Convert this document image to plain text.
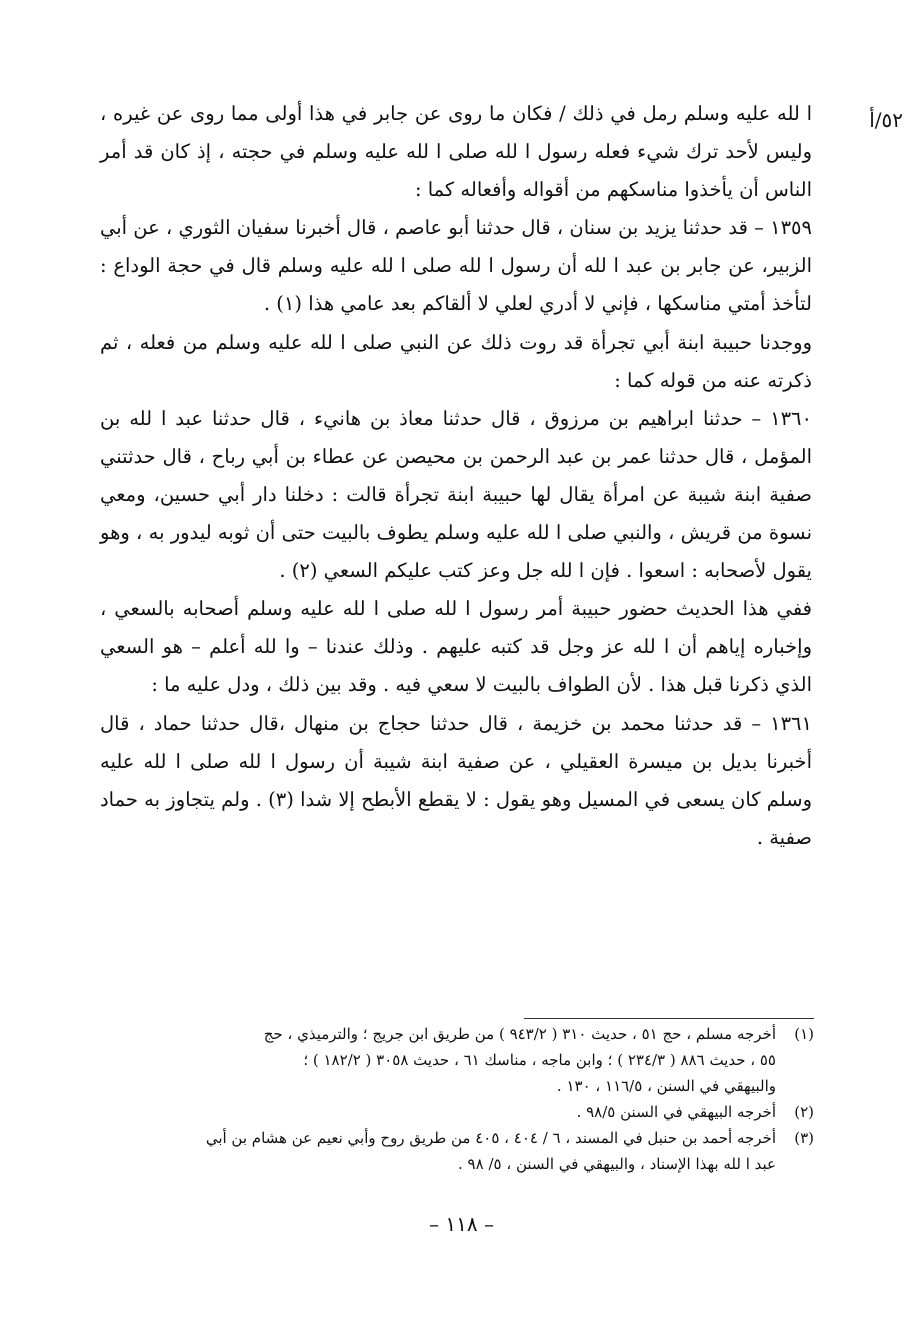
٥٢/أ

ا لله عليه وسلم رمل في ذلك / فكان ما روى عن جابر في هذا أولى مما روى عن غيره ، وليس لأحد ترك شيء فعله رسول ا لله صلى ا لله عليه وسلم في حجته ، إذ كان قد أمر الناس أن يأخذوا مناسكهم من أقواله وأفعاله كما :

١٣٥٩ – قد حدثنا يزيد بن سنان ، قال حدثنا أبو عاصم ، قال أخبرنا سفيان الثوري ، عن أبي الزبير، عن جابر بن عبد ا لله أن رسول ا لله صلى ا لله عليه وسلم قال في حجة الوداع : لتأخذ أمتي مناسكها ، فإني لا أدري لعلي لا ألقاكم بعد عامي هذا (١) .

ووجدنا حبيبة ابنة أبي تجرأة قد روت ذلك عن النبي صلى ا لله عليه وسلم من فعله ، ثم ذكرته عنه من قوله كما :

١٣٦٠ – حدثنا ابراهيم بن مرزوق ، قال حدثنا معاذ بن هانيء ، قال حدثنا عبد ا لله بن المؤمل ، قال حدثنا عمر بن عبد الرحمن بن محيصن عن عطاء بن أبي رباح ، قال حدثتني صفية ابنة شيبة عن امرأة يقال لها حبيبة ابنة تجرأة قالت : دخلنا دار أبي حسين، ومعي نسوة من قريش ، والنبي صلى ا لله عليه وسلم يطوف بالبيت حتى أن ثوبه ليدور به ، وهو يقول لأصحابه : اسعوا . فإن ا لله جل وعز كتب عليكم السعي (٢) .

ففي هذا الحديث حضور حبيبة أمر رسول ا لله صلى ا لله عليه وسلم أصحابه بالسعي ، وإخباره إياهم أن ا لله عز وجل قد كتبه عليهم . وذلك عندنا – وا لله أعلم – هو السعي الذي ذكرنا قبل هذا . لأن الطواف بالبيت لا سعي فيه . وقد بين ذلك ، ودل عليه ما :

١٣٦١ – قد حدثنا محمد بن خزيمة ، قال حدثنا حجاج بن منهال ،قال حدثنا حماد ، قال أخبرنا بديل بن ميسرة العقيلي ، عن صفية ابنة شيبة أن رسول ا لله صلى ا لله عليه وسلم كان يسعى في المسيل وهو يقول : لا يقطع الأبطح إلا شدا (٣) . ولم يتجاوز به حماد صفية .

(١)
أخرجه مسلم ، حج ٥١ ، حديث ٣١٠ ( ٩٤٣/٢ ) من طريق ابن جريج ؛ والترميذي ، حج
٥٥ ، حديث ٨٨٦ ( ٢٣٤/٣ ) ؛ وابن ماجه ، مناسك ٦١ ، حديث ٣٠٥٨ ( ١٨٢/٢ ) ؛
والبيهقي في السنن ، ١١٦/٥ ، ١٣٠ .
(٢)
أخرجه البيهقي في السنن ٩٨/٥ .
(٣)
أخرجه أحمد بن حنبل في المسند ، ٦ / ٤٠٤ ، ٤٠٥ من طريق روح وأبي نعيم عن هشام بن أبي
عبد ا لله بهذا الإسناد ، والبيهقي في السنن ، ٥/ ٩٨ .
– ١١٨ –
